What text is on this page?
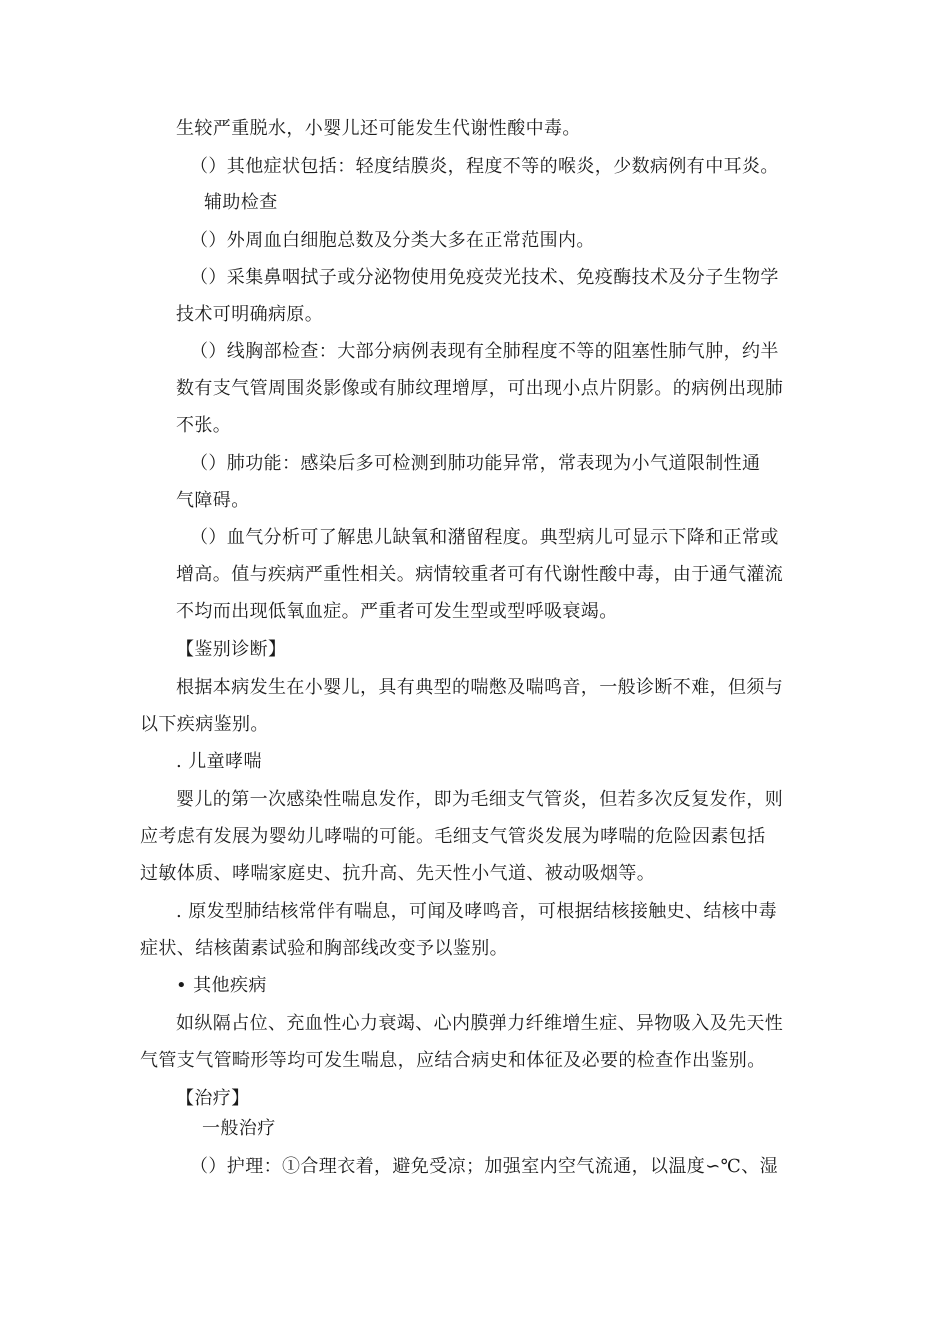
生较严重脱水，小婴儿还可能发生代谢性酸中毒。
（）其他症状包括：轻度结膜炎，程度不等的喉炎，少数病例有中耳炎。
辅助检查
（）外周血白细胞总数及分类大多在正常范围内。
（）采集鼻咽拭子或分泌物使用免疫荧光技术、免疫酶技术及分子生物学
技术可明确病原。
（）线胸部检查：大部分病例表现有全肺程度不等的阻塞性肺气肿，约半
数有支气管周围炎影像或有肺纹理增厚，可出现小点片阴影。的病例出现肺
不张。
（）肺功能：感染后多可检测到肺功能异常，常表现为小气道限制性通
气障碍。
（）血气分析可了解患儿缺氧和潴留程度。典型病儿可显示下降和正常或
增高。值与疾病严重性相关。病情较重者可有代谢性酸中毒，由于通气灌流
不均而出现低氧血症。严重者可发生型或型呼吸衰竭。
【鉴别诊断】
根据本病发生在小婴儿，具有典型的喘憋及喘鸣音，一般诊断不难，但须与
以下疾病鉴别。
. 儿童哮喘
婴儿的第一次感染性喘息发作，即为毛细支气管炎，但若多次反复发作，则
应考虑有发展为婴幼儿哮喘的可能。毛细支气管炎发展为哮喘的危险因素包括
过敏体质、哮喘家庭史、抗升高、先天性小气道、被动吸烟等。
. 原发型肺结核常伴有喘息，可闻及哮鸣音，可根据结核接触史、结核中毒
症状、结核菌素试验和胸部线改变予以鉴别。
• 其他疾病
如纵隔占位、充血性心力衰竭、心内膜弹力纤维增生症、异物吸入及先天性
气管支气管畸形等均可发生喘息，应结合病史和体征及必要的检查作出鉴别。
【治疗】
一般治疗
（）护理：①合理衣着，避免受凉；加强室内空气流通，以温度∽℃、湿
